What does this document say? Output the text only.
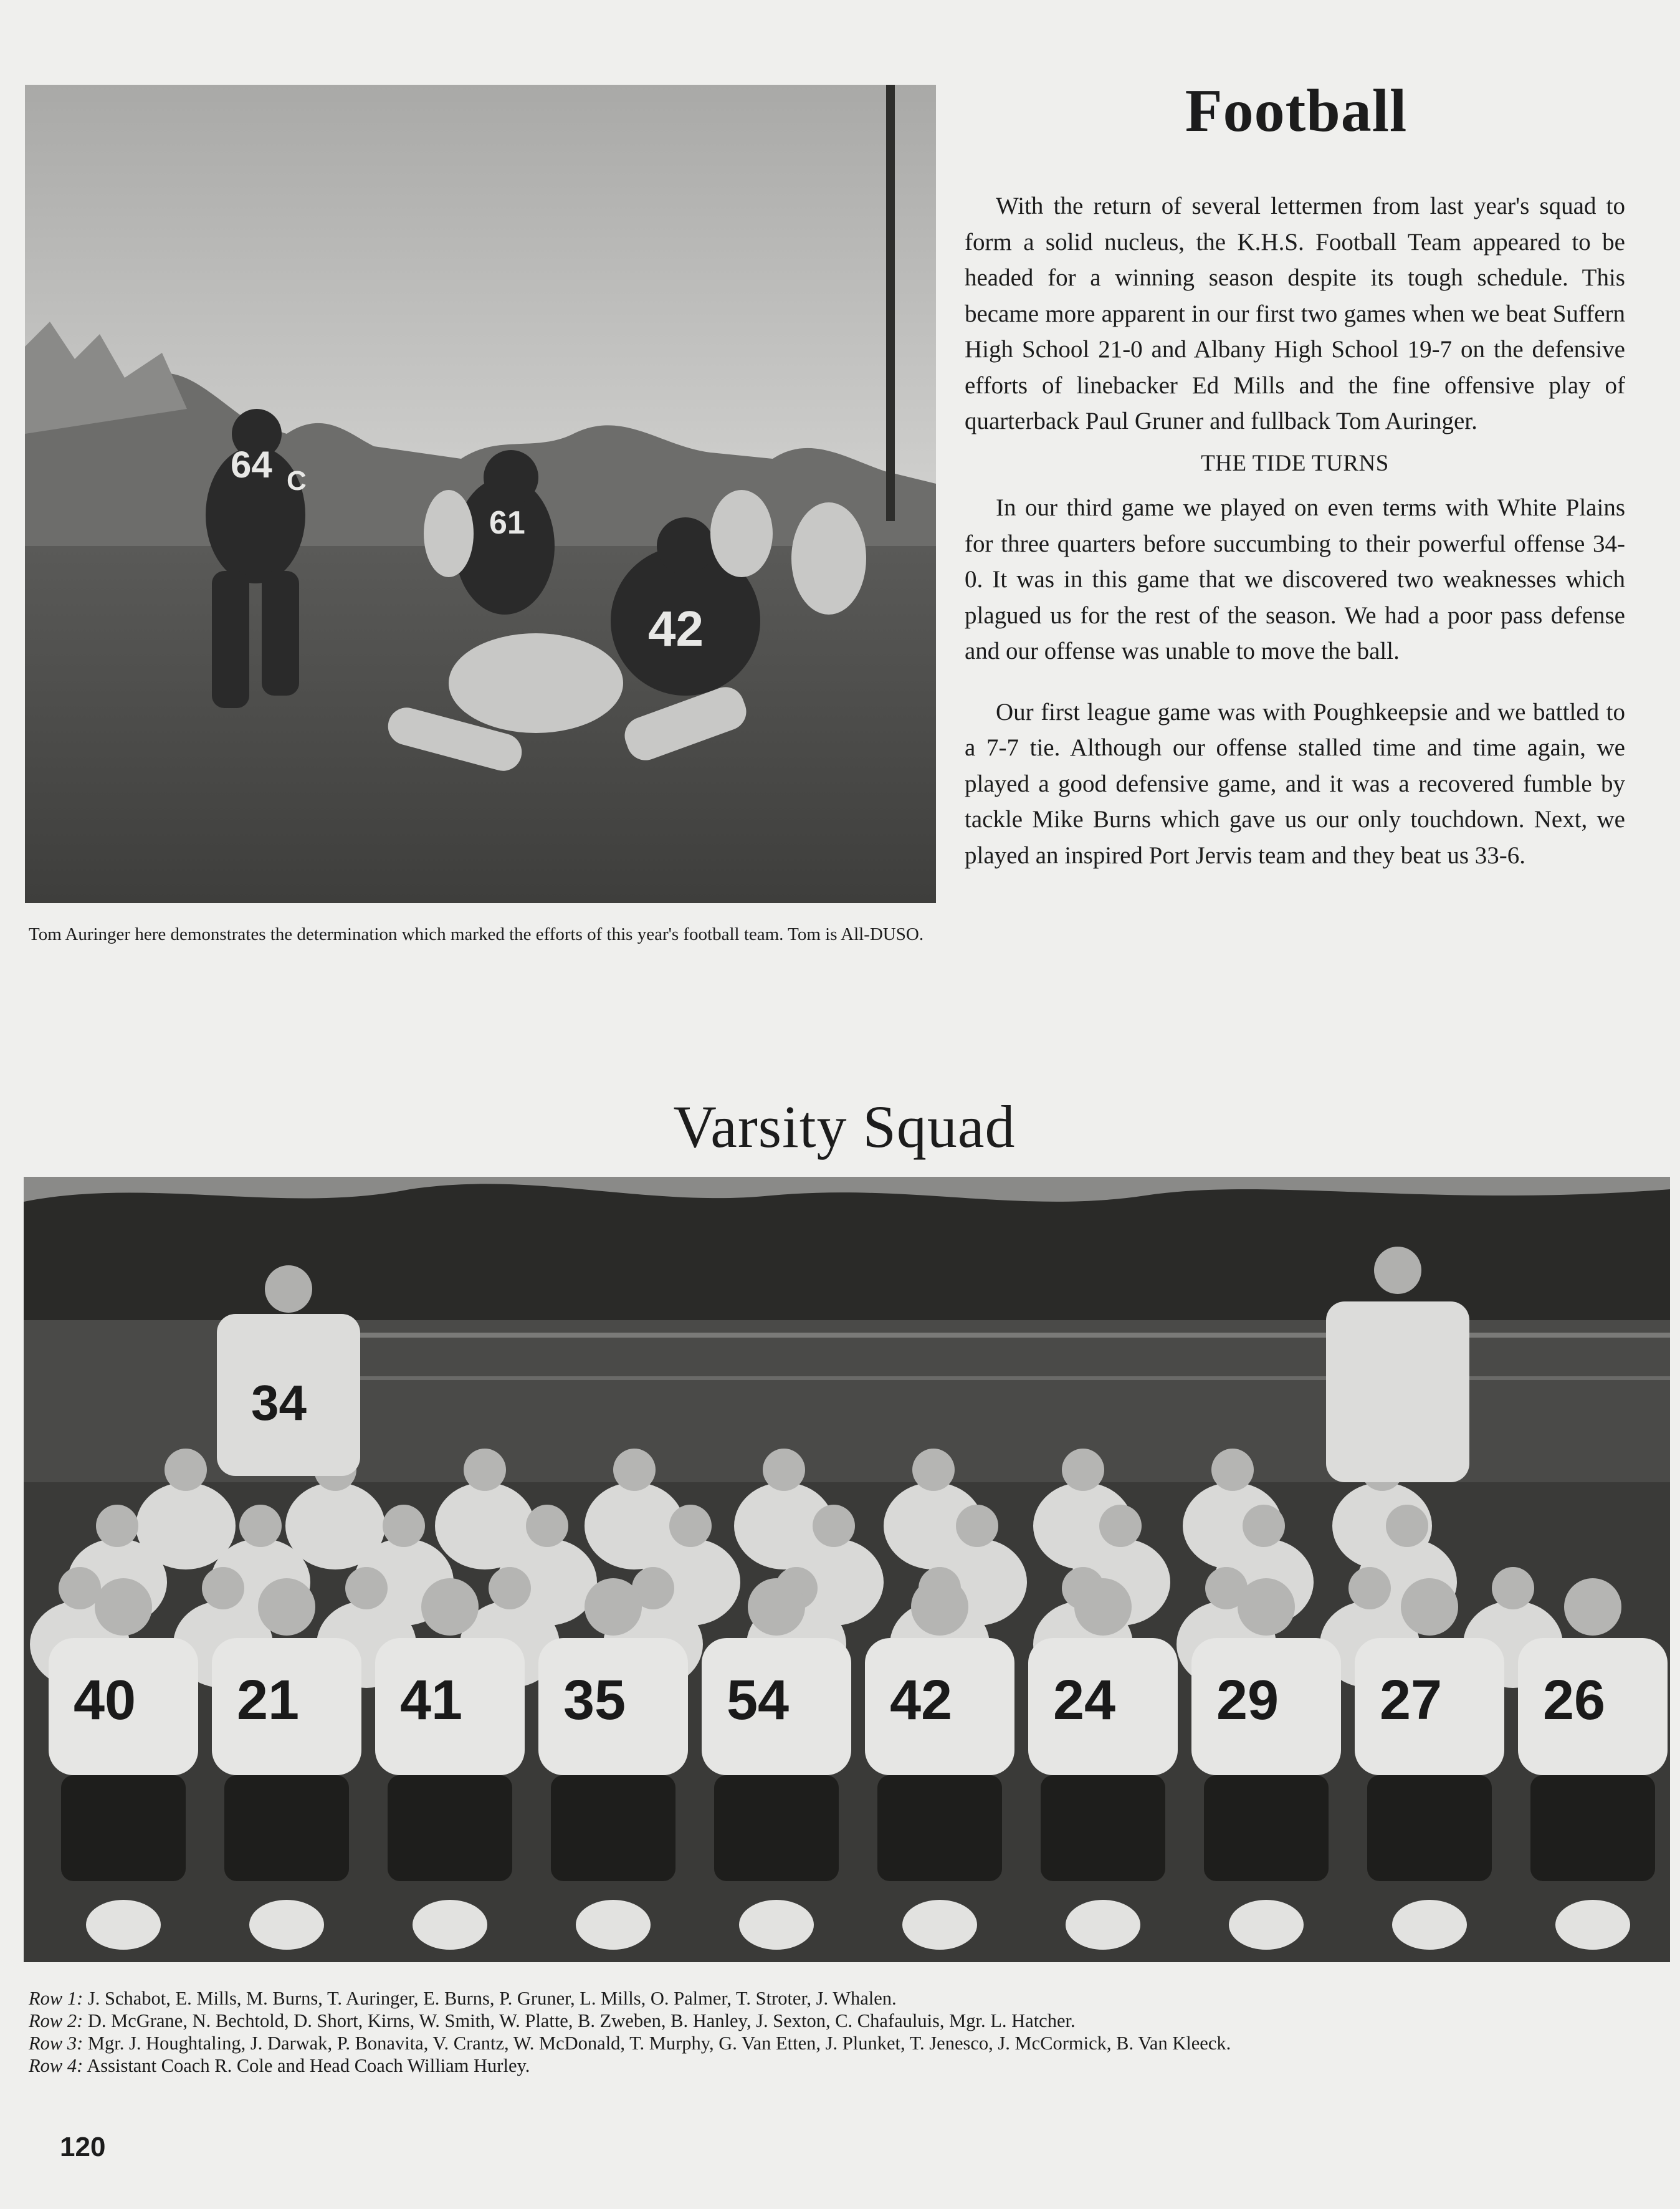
64 C
61
42
Tom Auringer here demonstrates the determination which marked the efforts of this year's football team. Tom is All-DUSO.
Football

With the return of several lettermen from last year's squad to form a solid nucleus, the K.H.S. Football Team appeared to be headed for a winning season despite its tough schedule. This became more apparent in our first two games when we beat Suffern High School 21-0 and Albany High School 19-7 on the defensive efforts of linebacker Ed Mills and the fine offensive play of quarterback Paul Gruner and fullback Tom Auringer.

THE TIDE TURNS

In our third game we played on even terms with White Plains for three quarters before succumbing to their powerful offense 34-0. It was in this game that we discovered two weaknesses which plagued us for the rest of the season. We had a poor pass defense and our offense was unable to move the ball.

Our first league game was with Poughkeepsie and we battled to a 7-7 tie. Although our offense stalled time and time again, we played a good defensive game, and it was a recovered fumble by tackle Mike Burns which gave us our only touchdown. Next, we played an inspired Port Jervis team and they beat us 33-6.

Varsity Squad
40 21 41 35 54 42 24 29 27 26
34

Row 1: J. Schabot, E. Mills, M. Burns, T. Auringer, E. Burns, P. Gruner, L. Mills, O. Palmer, T. Stroter, J. Whalen.

Row 2: D. McGrane, N. Bechtold, D. Short, Kirns, W. Smith, W. Platte, B. Zweben, B. Hanley, J. Sexton, C. Chafauluis, Mgr. L. Hatcher.

Row 3: Mgr. J. Houghtaling, J. Darwak, P. Bonavita, V. Crantz, W. McDonald, T. Murphy, G. Van Etten, J. Plunket, T. Jenesco, J. McCormick, B. Van Kleeck.

Row 4: Assistant Coach R. Cole and Head Coach William Hurley.

120
